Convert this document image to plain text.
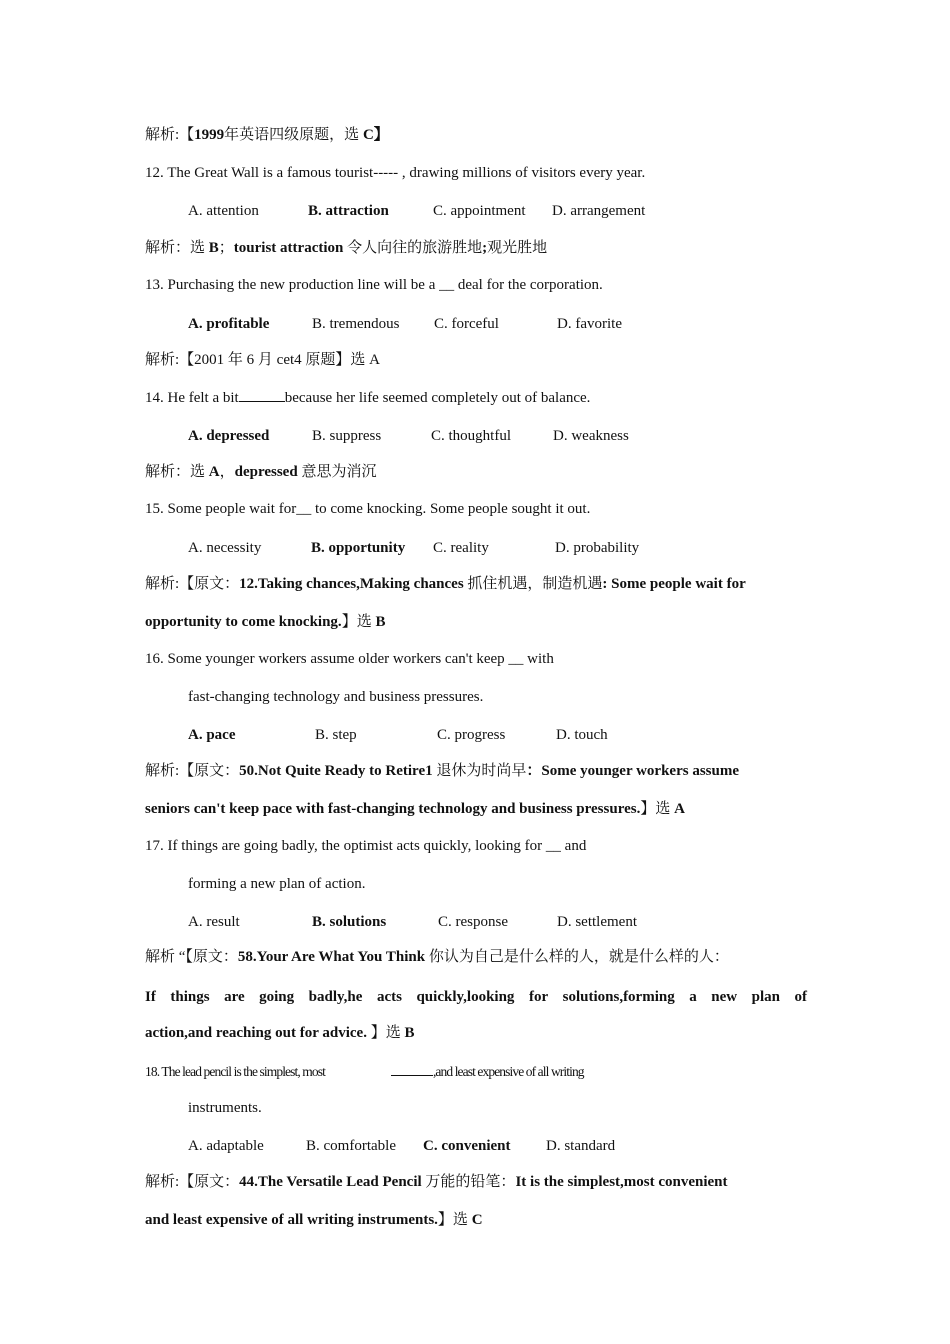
解析:【1999年英语四级原题，选 C】
12. The Great Wall is a famous tourist----- , drawing millions of visitors every year.
A. attention	B. attraction	C. appointment D. arrangement
解析：选 B；tourist attraction 令人向往的旅游胜地;观光胜地
13. Purchasing the new production line will be a __ deal for the corporation.
A. profitable	B. tremendous C. forceful	D. favorite
解析:【2001 年 6 月 cet4 原题】选 A
14. He felt a bit	because her life seemed completely out of balance.
A. depressed	B. suppress	C. thoughtful	D. weakness
解析：选 A，depressed 意思为消沉
15. Some people wait for__ to come knocking. Some people sought it out.
A. necessity	B. opportunity C. reality	D. probability
解析:【原文：12.Taking chances,Making chances 抓住机遇，制造机遇: Some people wait for
opportunity to come knocking.】选 B
16. Some younger workers assume older workers can't keep __ with
fast-changing technology and business pressures.
A. pace	B. step	C. progress	D. touch
解析:【原文：50.Not Quite Ready to Retire1 退休为时尚早：Some younger workers assume
seniors can't keep pace with fast-changing technology and business pressures.】选 A
17. If things are going badly, the optimist acts quickly, looking for __ and
forming a new plan of action.
A. result	B. solutions	C. response	D. settlement
解析 “【原文：58.Your Are What You Think 你认为自己是什么样的人，就是什么样的人：
If things are going badly,he acts quickly,looking for solutions,forming a new plan of
action,and reaching out for advice. 】选 B
18. The lead pencil is the simplest, most	,and least expensive of all writing
instruments.
A. adaptable	B. comfortable C. convenient D. standard
解析:【原文：44.The Versatile Lead Pencil 万能的铅笔：It is the simplest,most convenient
and least expensive of all writing instruments.】选 C
